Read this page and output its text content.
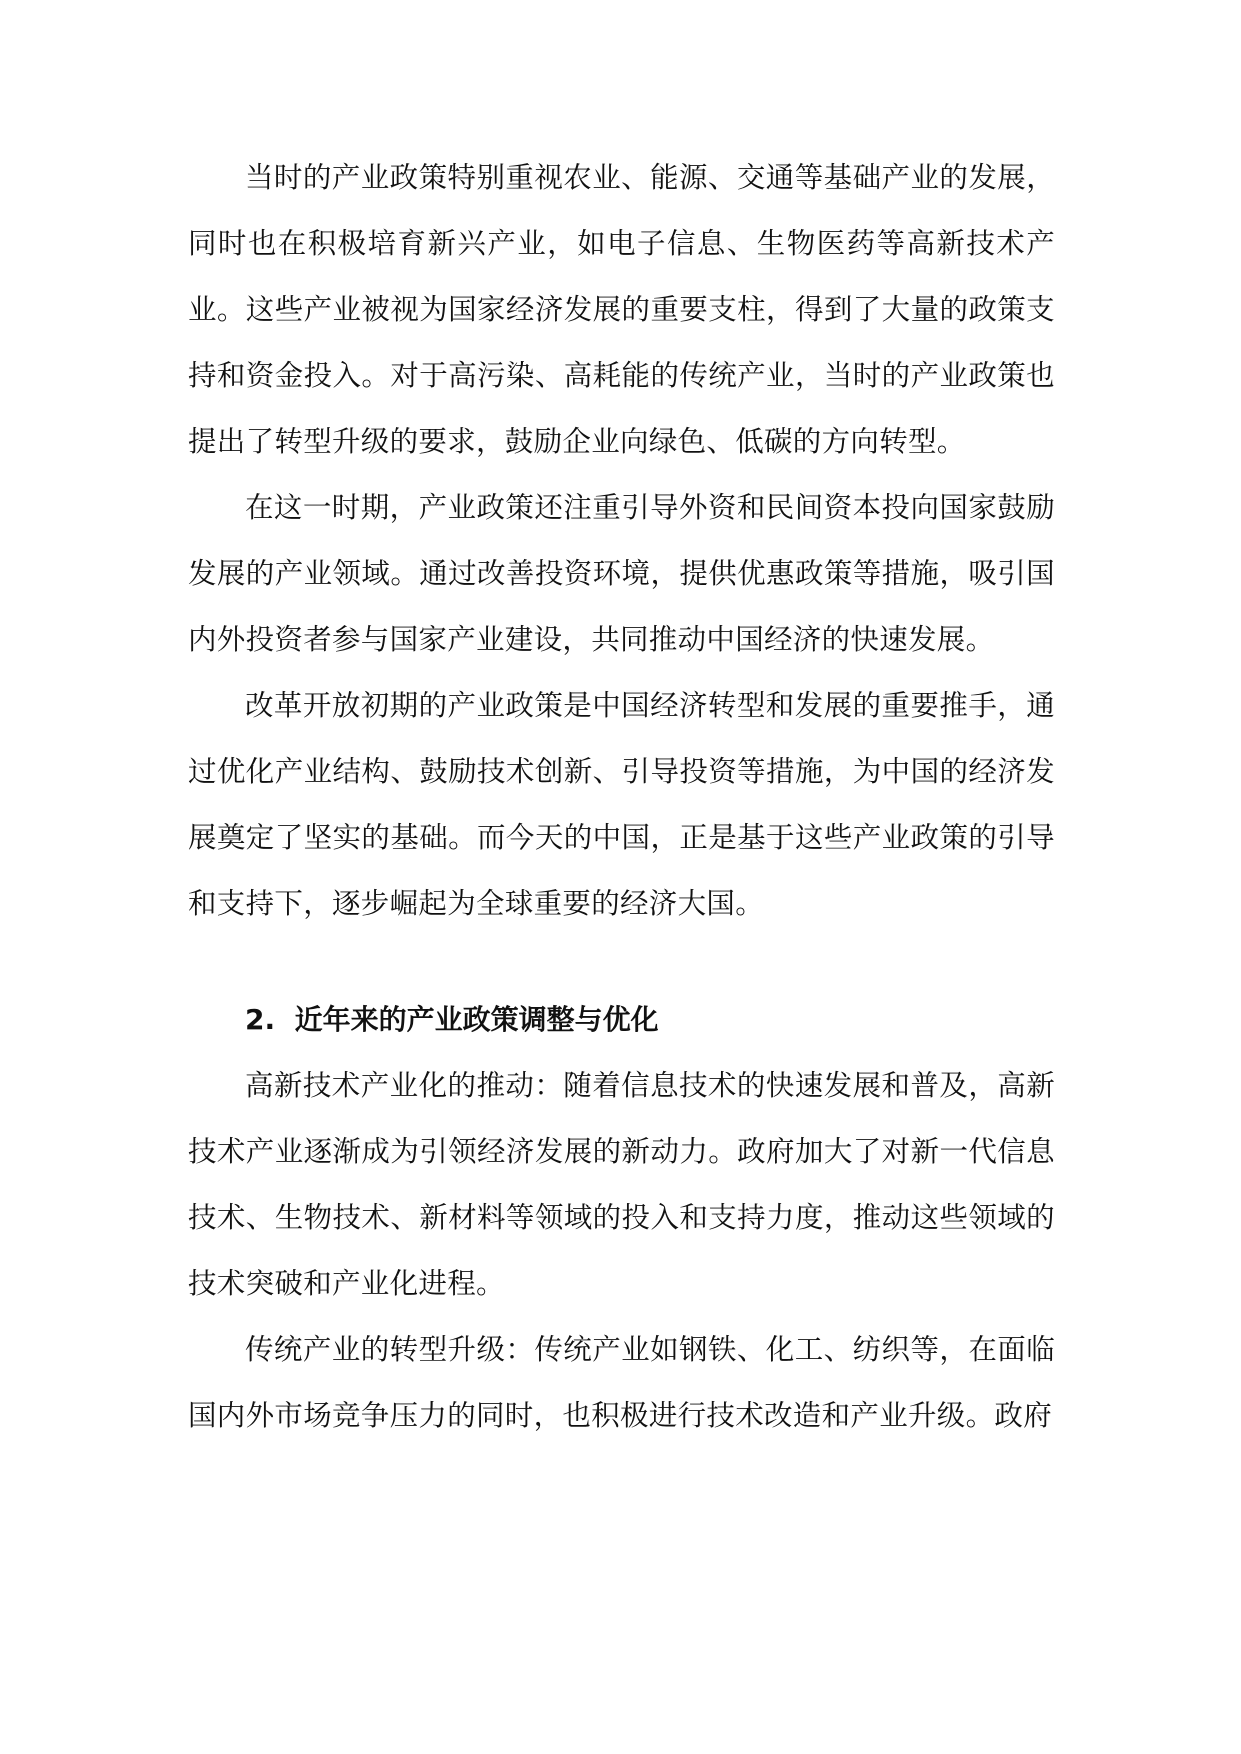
当时的产业政策特别重视农业、能源、交通等基础产业的发展，同时也在积极培育新兴产业，如电子信息、生物医药等高新技术产业。这些产业被视为国家经济发展的重要支柱，得到了大量的政策支持和资金投入。对于高污染、高耗能的传统产业，当时的产业政策也提出了转型升级的要求，鼓励企业向绿色、低碳的方向转型。

在这一时期，产业政策还注重引导外资和民间资本投向国家鼓励发展的产业领域。通过改善投资环境，提供优惠政策等措施，吸引国内外投资者参与国家产业建设，共同推动中国经济的快速发展。

改革开放初期的产业政策是中国经济转型和发展的重要推手，通过优化产业结构、鼓励技术创新、引导投资等措施，为中国的经济发展奠定了坚实的基础。而今天的中国，正是基于这些产业政策的引导和支持下，逐步崛起为全球重要的经济大国。

2. 近年来的产业政策调整与优化

高新技术产业化的推动：随着信息技术的快速发展和普及，高新技术产业逐渐成为引领经济发展的新动力。政府加大了对新一代信息技术、生物技术、新材料等领域的投入和支持力度，推动这些领域的技术突破和产业化进程。

传统产业的转型升级：传统产业如钢铁、化工、纺织等，在面临国内外市场竞争压力的同时，也积极进行技术改造和产业升级。政府
